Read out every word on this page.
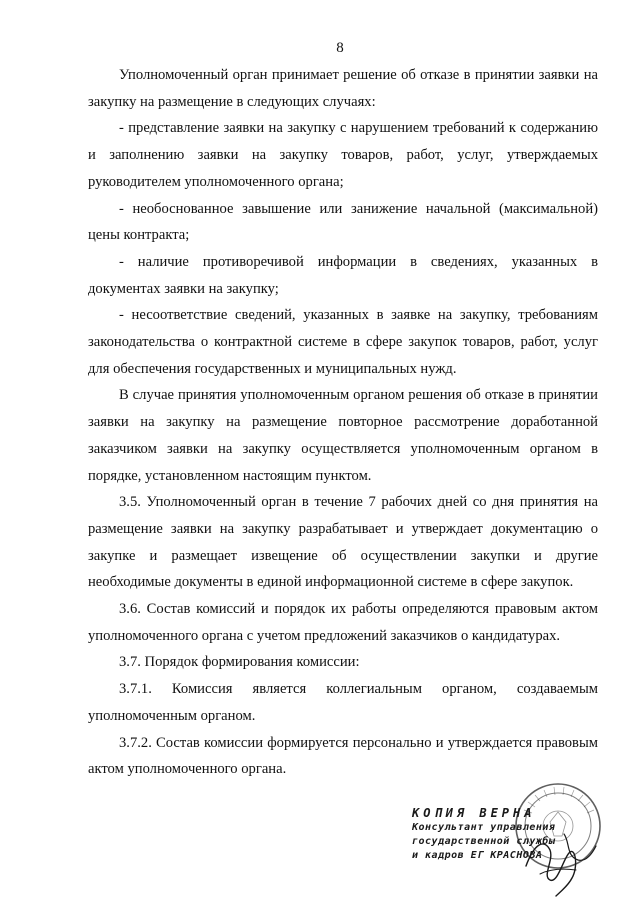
8

Уполномоченный орган принимает решение об отказе в принятии заявки на закупку на размещение в следующих случаях:

- представление заявки на закупку с нарушением требований к содержанию и заполнению заявки на закупку товаров, работ, услуг, утверждаемых руководителем уполномоченного органа;

- необоснованное завышение или занижение начальной (максимальной) цены контракта;

- наличие противоречивой информации в сведениях, указанных в документах заявки на закупку;

- несоответствие сведений, указанных в заявке на закупку, требованиям законодательства о контрактной системе в сфере закупок товаров, работ, услуг для обеспечения государственных и муниципальных нужд.

В случае принятия уполномоченным органом решения об отказе в принятии заявки на закупку на размещение повторное рассмотрение доработанной заказчиком заявки на закупку осуществляется уполномоченным органом в порядке, установленном настоящим пунктом.

3.5. Уполномоченный орган в течение 7 рабочих дней со дня принятия на размещение заявки на закупку разрабатывает и утверждает документацию о закупке и размещает извещение об осуществлении закупки и другие необходимые документы в единой информационной системе в сфере закупок.

3.6. Состав комиссий и порядок их работы определяются правовым актом уполномоченного органа с учетом предложений заказчиков о кандидатурах.

3.7. Порядок формирования комиссии:

3.7.1. Комиссия является коллегиальным органом, создаваемым уполномоченным органом.

3.7.2. Состав комиссии формируется персонально и утверждается правовым актом уполномоченного органа.

КОПИЯ ВЕРНА
Консультант управления
государственной службы
и кадров ЕГ КРАСНОВА
